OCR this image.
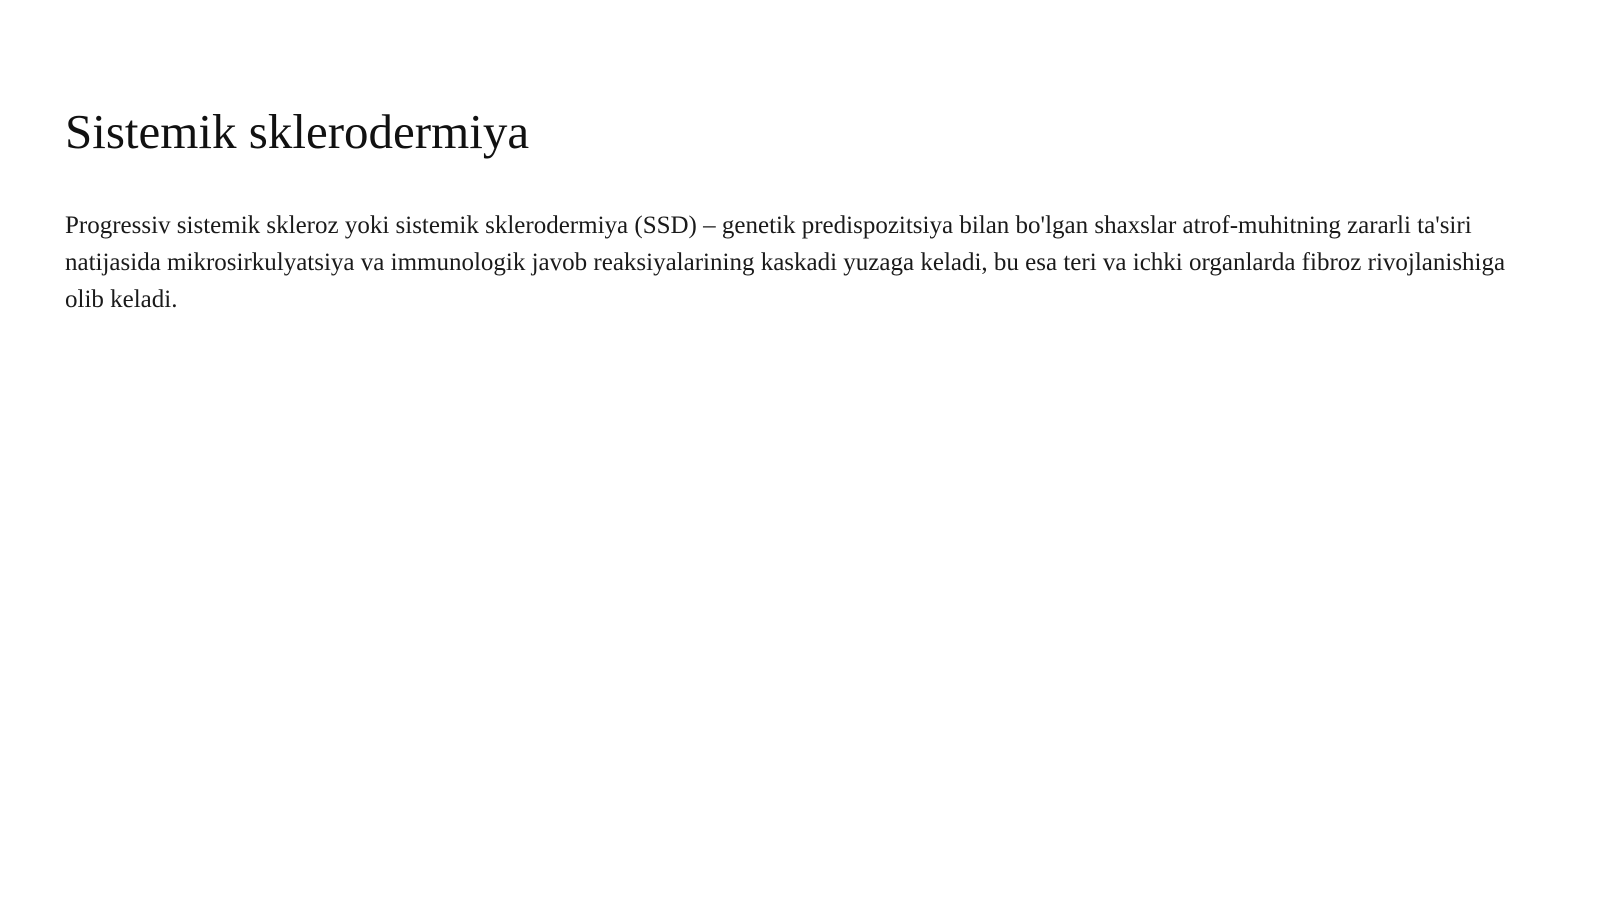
Sistemik sklerodermiya

Progressiv sistemik skleroz yoki sistemik sklerodermiya (SSD) – genetik predispozitsiya bilan bo'lgan shaxslar atrof-muhitning zararli ta'siri natijasida mikrosirkulyatsiya va immunologik javob reaksiyalarining kaskadi yuzaga keladi, bu esa teri va ichki organlarda fibroz rivojlanishiga olib keladi.
